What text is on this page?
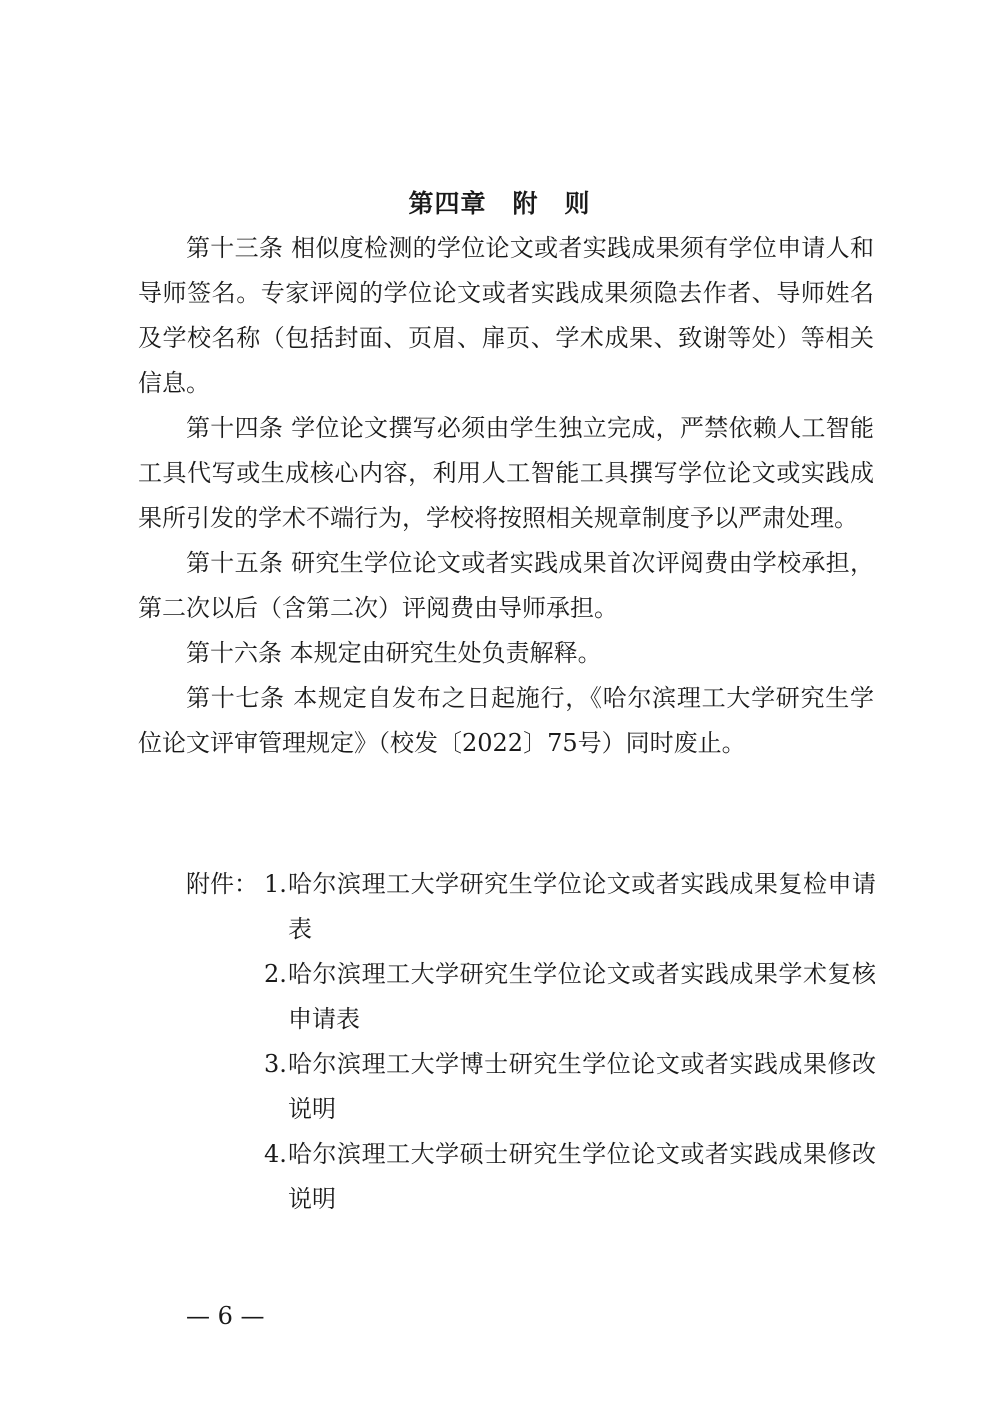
第四章　附　则

第十三条 相似度检测的学位论文或者实践成果须有学位申请人和导师签名。专家评阅的学位论文或者实践成果须隐去作者、导师姓名及学校名称（包括封面、页眉、扉页、学术成果、致谢等处）等相关信息。

第十四条 学位论文撰写必须由学生独立完成，严禁依赖人工智能工具代写或生成核心内容，利用人工智能工具撰写学位论文或实践成果所引发的学术不端行为，学校将按照相关规章制度予以严肃处理。

第十五条 研究生学位论文或者实践成果首次评阅费由学校承担，第二次以后（含第二次）评阅费由导师承担。

第十六条 本规定由研究生处负责解释。

第十七条 本规定自发布之日起施行，《哈尔滨理工大学研究生学位论文评审管理规定》（校发〔2022〕75号）同时废止。

附件： 1. 哈尔滨理工大学研究生学位论文或者实践成果复检申请表
2. 哈尔滨理工大学研究生学位论文或者实践成果学术复核申请表
3. 哈尔滨理工大学博士研究生学位论文或者实践成果修改说明
4. 哈尔滨理工大学硕士研究生学位论文或者实践成果修改说明
— 6 —
